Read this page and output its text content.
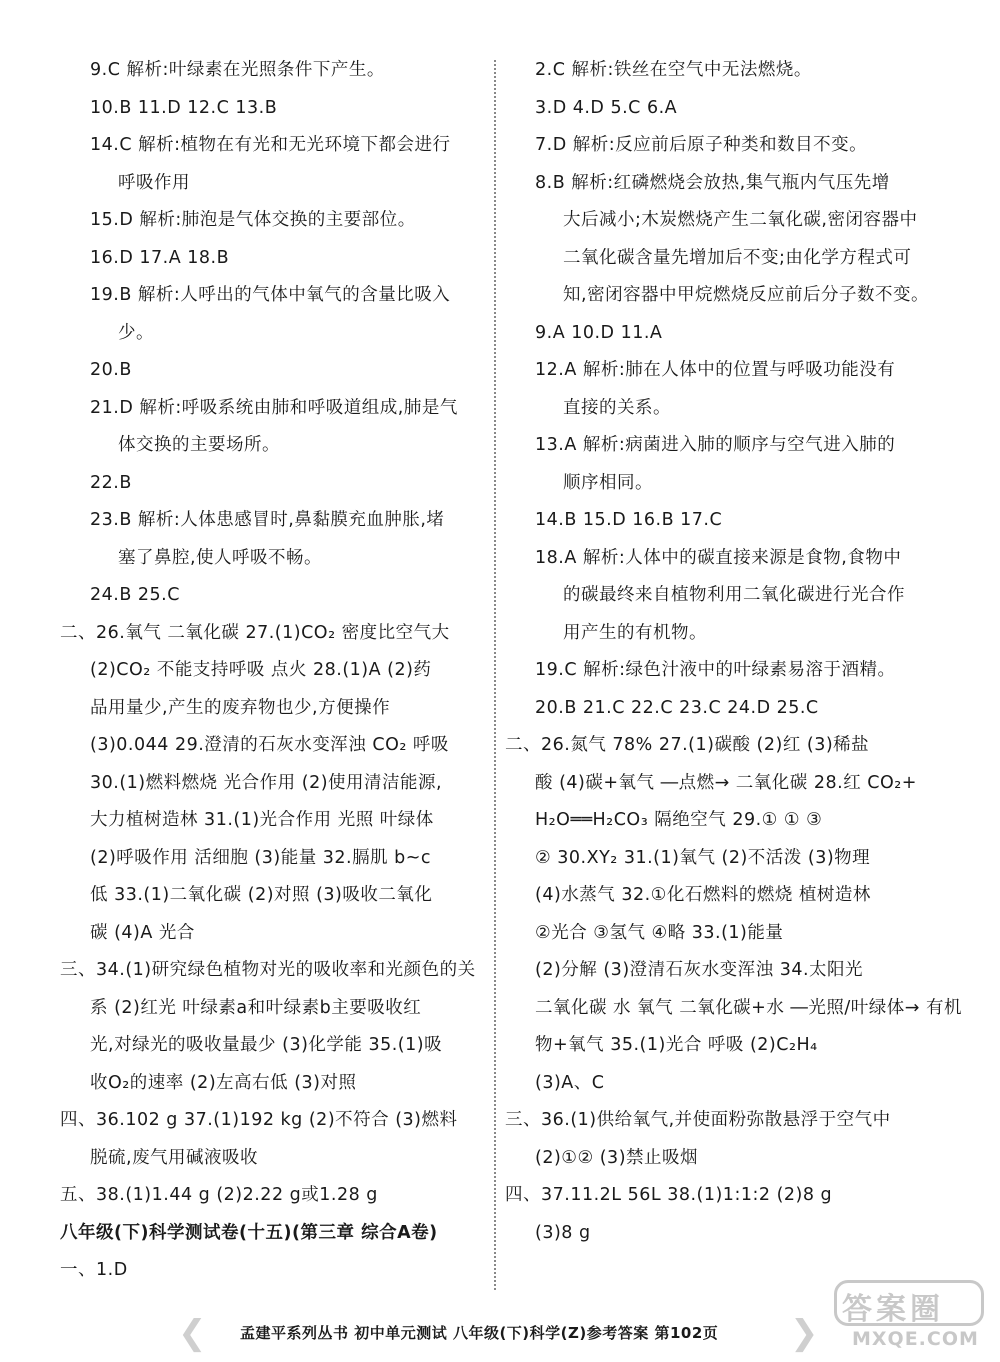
9.C 解析:叶绿素在光照条件下产生。
10.B 11.D 12.C 13.B
14.C 解析:植物在有光和无光环境下都会进行
呼吸作用
15.D 解析:肺泡是气体交换的主要部位。
16.D 17.A 18.B
19.B 解析:人呼出的气体中氧气的含量比吸入
少。
20.B
21.D 解析:呼吸系统由肺和呼吸道组成,肺是气
体交换的主要场所。
22.B
23.B 解析:人体患感冒时,鼻黏膜充血肿胀,堵
塞了鼻腔,使人呼吸不畅。
24.B 25.C
二、26.氧气 二氧化碳 27.(1)CO₂ 密度比空气大
(2)CO₂ 不能支持呼吸 点火 28.(1)A (2)药
品用量少,产生的废弃物也少,方便操作
(3)0.044 29.澄清的石灰水变浑浊 CO₂ 呼吸
30.(1)燃料燃烧 光合作用 (2)使用清洁能源,
大力植树造林 31.(1)光合作用 光照 叶绿体
(2)呼吸作用 活细胞 (3)能量 32.膈肌 b~c
低 33.(1)二氧化碳 (2)对照 (3)吸收二氧化
碳 (4)A 光合
三、34.(1)研究绿色植物对光的吸收率和光颜色的关
系 (2)红光 叶绿素a和叶绿素b主要吸收红
光,对绿光的吸收量最少 (3)化学能 35.(1)吸
收O₂的速率 (2)左高右低 (3)对照
四、36.102 g 37.(1)192 kg (2)不符合 (3)燃料
脱硫,废气用碱液吸收
五、38.(1)1.44 g (2)2.22 g或1.28 g
八年级(下)科学测试卷(十五)(第三章 综合A卷)
一、1.D
2.C 解析:铁丝在空气中无法燃烧。
3.D 4.D 5.C 6.A
7.D 解析:反应前后原子种类和数目不变。
8.B 解析:红磷燃烧会放热,集气瓶内气压先增
大后减小;木炭燃烧产生二氧化碳,密闭容器中
二氧化碳含量先增加后不变;由化学方程式可
知,密闭容器中甲烷燃烧反应前后分子数不变。
9.A 10.D 11.A
12.A 解析:肺在人体中的位置与呼吸功能没有
直接的关系。
13.A 解析:病菌进入肺的顺序与空气进入肺的
顺序相同。
14.B 15.D 16.B 17.C
18.A 解析:人体中的碳直接来源是食物,食物中
的碳最终来自植物利用二氧化碳进行光合作
用产生的有机物。
19.C 解析:绿色汁液中的叶绿素易溶于酒精。
20.B 21.C 22.C 23.C 24.D 25.C
二、26.氮气 78% 27.(1)碳酸 (2)红 (3)稀盐
酸 (4)碳+氧气 ―点燃→ 二氧化碳 28.红 CO₂+
H₂O══H₂CO₃ 隔绝空气 29.① ① ③
② 30.XY₂ 31.(1)氧气 (2)不活泼 (3)物理
(4)水蒸气 32.①化石燃料的燃烧 植树造林
②光合 ③氢气 ④略 33.(1)能量
(2)分解 (3)澄清石灰水变浑浊 34.太阳光
二氧化碳 水 氧气 二氧化碳+水 ―光照/叶绿体→ 有机
物+氧气 35.(1)光合 呼吸 (2)C₂H₄
(3)A、C
三、36.(1)供给氧气,并使面粉弥散悬浮于空气中
(2)①② (3)禁止吸烟
四、37.11.2L 56L 38.(1)1:1:2 (2)8 g
(3)8 g
❮ 孟建平系列丛书 初中单元测试 八年级(下)科学(Z)参考答案 第102页 ❯
答案圈
MXQE.COM
